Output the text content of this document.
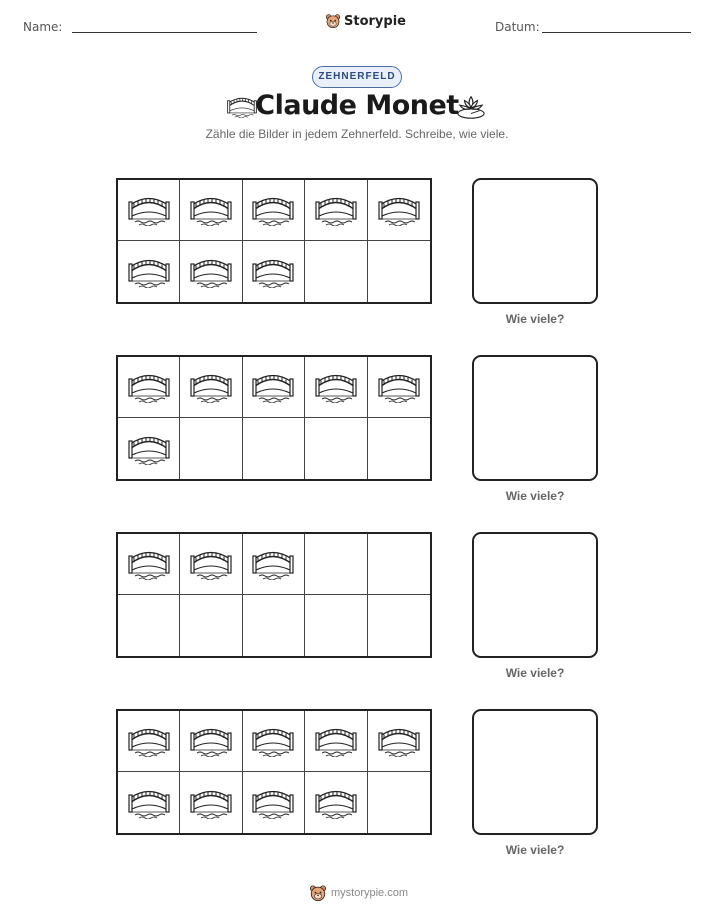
Name:	Storypie	Datum:
ZEHNERFELD
Claude Monet
Zähle die Bilder in jedem Zehnerfeld. Schreibe, wie viele.
Wie viele?
Wie viele?
Wie viele?
Wie viele?
mystorypie.com
